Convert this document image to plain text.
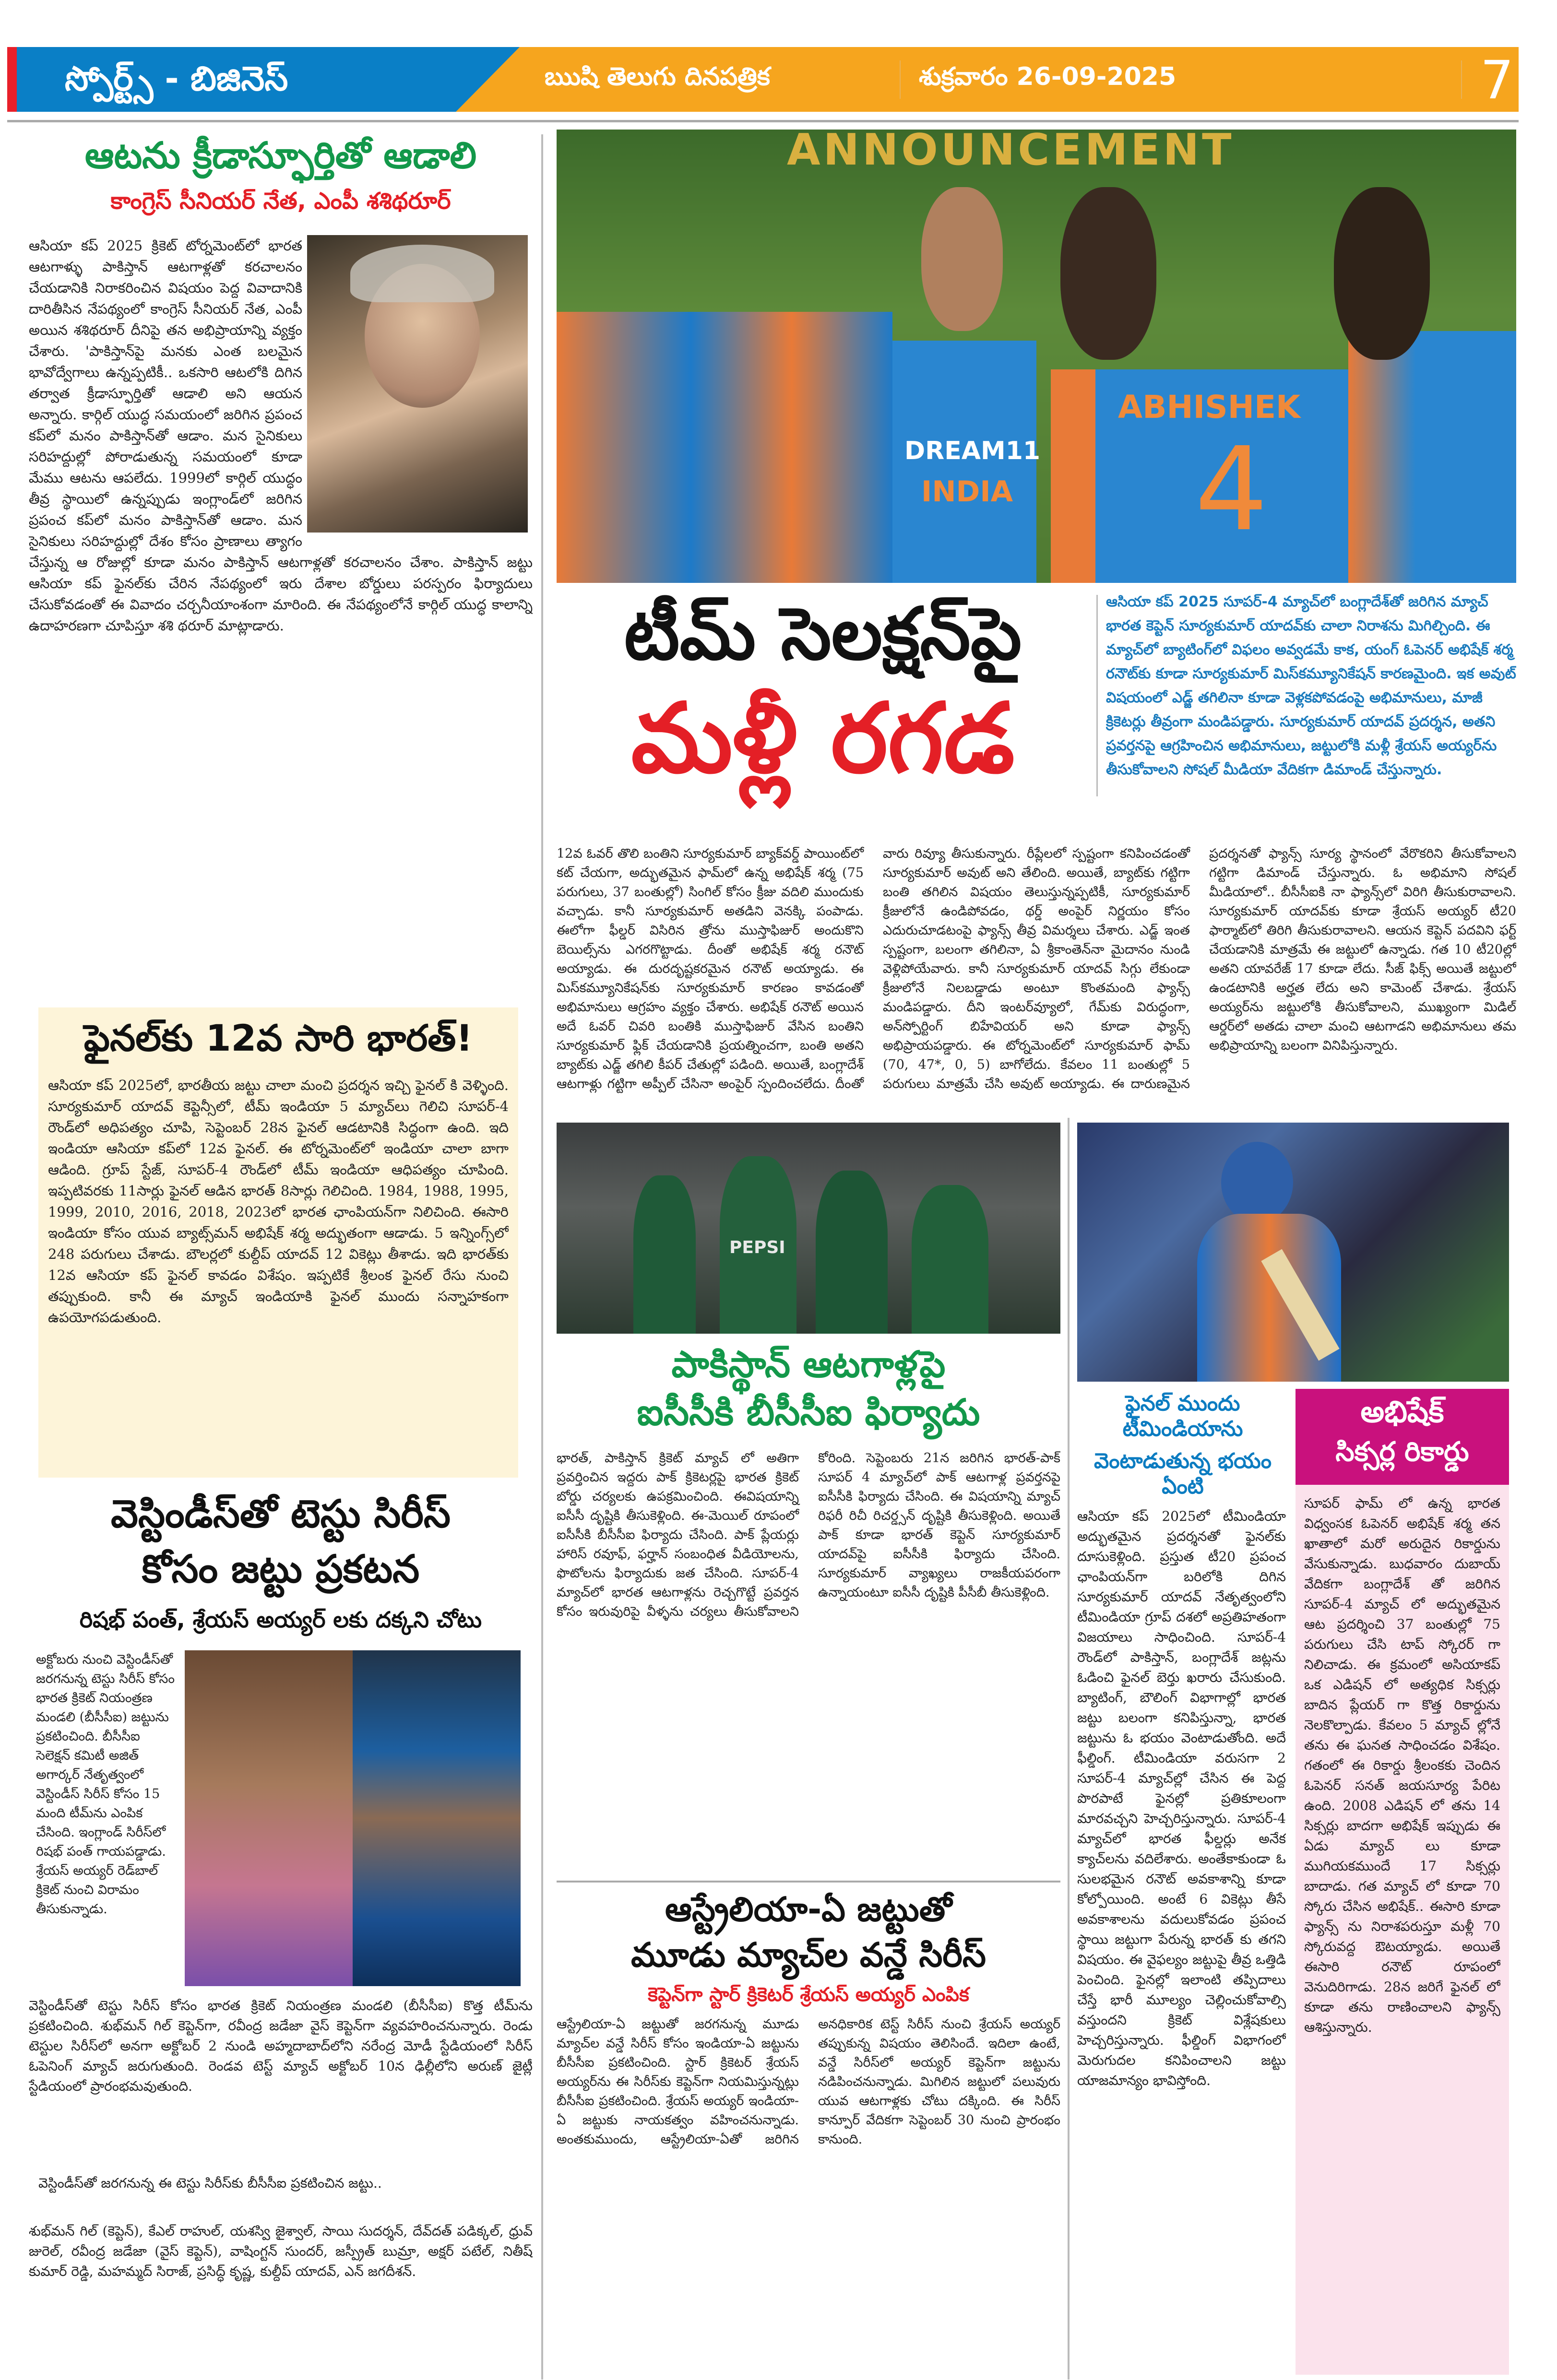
స్పోర్ట్స్ - బిజినెస్	ఋషి తెలుగు దినపత్రిక	శుక్రవారం 26-09-2025	7
ఆటను క్రీడాస్ఫూర్తితో ఆడాలి
కాంగ్రెస్ సీనియర్ నేత, ఎంపీ శశిథరూర్
ఆసియా కప్ 2025 క్రికెట్ టోర్నమెంట్‌లో భారత ఆటగాళ్ళు పాకిస్తాన్ ఆటగాళ్లతో కరచాలనం చేయడానికి నిరాకరించిన విషయం పెద్ద వివాదానికి దారితీసిన నేపథ్యంలో కాంగ్రెస్ సీనియర్ నేత, ఎంపీ అయిన శశిథరూర్ దీనిపై తన అభిప్రాయాన్ని వ్యక్తం చేశారు. 'పాకిస్తాన్‌పై మనకు ఎంత బలమైన భావోద్వేగాలు ఉన్నప్పటికీ.. ఒకసారి ఆటలోకి దిగిన తర్వాత క్రీడాస్ఫూర్తితో ఆడాలి అని ఆయన అన్నారు. కార్గిల్ యుద్ధ సమయంలో జరిగిన ప్రపంచ కప్‌లో మనం పాకిస్తాన్‌తో ఆడాం. మన సైనికులు సరిహద్దుల్లో పోరాడుతున్న సమయంలో కూడా మేము ఆటను ఆపలేదు. 1999లో కార్గిల్ యుద్ధం తీవ్ర స్థాయిలో ఉన్నప్పుడు ఇంగ్లాండ్‌లో జరిగిన ప్రపంచ కప్‌లో మనం పాకిస్తాన్‌తో ఆడాం. మన సైనికులు సరిహద్దుల్లో దేశం కోసం ప్రాణాలు త్యాగం చేస్తున్న ఆ రోజుల్లో కూడా మనం పాకిస్తాన్ ఆటగాళ్లతో కరచాలనం చేశాం. పాకిస్తాన్ జట్టు ఆసియా కప్ ఫైనల్‌కు చేరిన నేపథ్యంలో ఇరు దేశాల బోర్డులు పరస్పరం ఫిర్యాదులు చేసుకోవడంతో ఈ వివాదం చర్చనీయాంశంగా మారింది. ఈ నేపథ్యంలోనే కార్గిల్ యుద్ధ కాలాన్ని ఉదాహరణగా చూపిస్తూ శశి థరూర్ మాట్లాడారు.
ఫైనల్‌కు 12వ సారి భారత్!
ఆసియా కప్ 2025లో, భారతీయ జట్టు చాలా మంచి ప్రదర్శన ఇచ్చి ఫైనల్ కి వెళ్ళింది. సూర్యకుమార్ యాదవ్ కెప్టెన్సీలో, టీమ్ ఇండియా 5 మ్యాచ్‌లు గెలిచి సూపర్-4 రౌండ్‌లో అధిపత్యం చూపి, సెప్టెంబర్ 28న ఫైనల్ ఆడటానికి సిద్ధంగా ఉంది. ఇది ఇండియా ఆసియా కప్‌లో 12వ ఫైనల్. ఈ టోర్నమెంట్‌లో ఇండియా చాలా బాగా ఆడింది. గ్రూప్ స్టేజ్, సూపర్-4 రౌండ్‌లో టీమ్ ఇండియా ఆధిపత్యం చూపింది. ఇప్పటివరకు 11సార్లు ఫైనల్ ఆడిన భారత్ 8సార్లు గెలిచింది. 1984, 1988, 1995, 1999, 2010, 2016, 2018, 2023లో భారత ఛాంపియన్‌గా నిలిచింది. ఈసారి ఇండియా కోసం యువ బ్యాట్స్‌మన్ అభిషేక్ శర్మ అద్భుతంగా ఆడాడు. 5 ఇన్నింగ్స్‌లో 248 పరుగులు చేశాడు. బౌలర్లలో కుల్దీప్ యాదవ్ 12 వికెట్లు తీశాడు. ఇది భారత్‌కు 12వ ఆసియా కప్ ఫైనల్ కావడం విశేషం. ఇప్పటికే శ్రీలంక ఫైనల్ రేసు నుంచి తప్పుకుంది. కానీ ఈ మ్యాచ్ ఇండియాకి ఫైనల్ ముందు సన్నాహకంగా ఉపయోగపడుతుంది.
వెస్టిండీస్‌తో టెస్టు సిరీస్
కోసం జట్టు ప్రకటన
రిషభ్ పంత్, శ్రేయస్ అయ్యర్ లకు దక్కని చోటు
అక్టోబరు నుంచి వెస్టిండీస్‌తో జరగనున్న టెస్టు సిరీస్ కోసం భారత క్రికెట్ నియంత్రణ మండలి (బీసీసీఐ) జట్టును ప్రకటించింది. బీసీసీఐ సెలెక్షన్ కమిటీ అజిత్ అగార్కర్ నేతృత్వంలో వెస్టిండీస్ సిరీస్ కోసం 15 మంది టీమ్‌ను ఎంపిక చేసింది. ఇంగ్లాండ్ సిరీస్‌లో రిషభ్ పంత్ గాయపడ్డాడు. శ్రేయస్ అయ్యర్ రెడ్‌బాల్ క్రికెట్ నుంచి విరామం తీసుకున్నాడు.
వెస్టిండీస్‌తో టెస్టు సిరీస్ కోసం భారత క్రికెట్ నియంత్రణ మండలి (బీసీసీఐ) కొత్త టీమ్‌ను ప్రకటించింది. శుభ్‌మన్ గిల్ కెప్టెన్‌గా, రవీంద్ర జడేజా వైస్ కెప్టెన్‌గా వ్యవహరించనున్నారు. రెండు టెస్టుల సిరీస్‌లో అనగా అక్టోబర్ 2 నుండి అహ్మదాబాద్‌లోని నరేంద్ర మోడీ స్టేడియంలో సిరీస్ ఓపెనింగ్ మ్యాచ్ జరుగుతుంది. రెండవ టెస్ట్ మ్యాచ్ అక్టోబర్ 10న ఢిల్లీలోని అరుణ్ జైట్లీ స్టేడియంలో ప్రారంభమవుతుంది.
వెస్టిండీస్‌తో జరగనున్న ఈ టెస్టు సిరీస్‌కు బీసీసీఐ ప్రకటించిన జట్టు..
శుభ్‌మన్ గిల్ (కెప్టెన్), కేఎల్ రాహుల్, యశస్వి జైశ్వాల్, సాయి సుదర్శన్, దేవ్‌దత్ పడిక్కల్, ధ్రువ్ జురెల్, రవీంద్ర జడేజా (వైస్ కెప్టెన్), వాషింగ్టన్ సుందర్, జస్ప్రీత్ బుమ్రా, అక్షర్ పటేల్, నితీష్ కుమార్ రెడ్డి, మహమ్మద్ సిరాజ్, ప్రసిద్ధ్ కృష్ణ, కుల్దీప్ యాదవ్, ఎన్ జగదీశన్.
ANNOUNCEMENT
DREAM11
INDIA
ABHISHEK
4
టీమ్ సెలక్షన్‌పై
మళ్లీ రగడ
ఆసియా కప్ 2025 సూపర్-4 మ్యాచ్‌లో బంగ్లాదేశ్‌తో జరిగిన మ్యాచ్ భారత కెప్టెన్ సూర్యకుమార్ యాదవ్‌కు చాలా నిరాశను మిగిల్చింది. ఈ మ్యాచ్‌లో బ్యాటింగ్‌లో విఫలం అవ్వడమే కాక, యంగ్ ఓపెనర్ అభిషేక్ శర్మ రనౌట్‌కు కూడా సూర్యకుమార్ మిస్‌కమ్యూనికేషన్ కారణమైంది. ఇక అవుట్ విషయంలో ఎడ్జ్ తగిలినా కూడా వెళ్లకపోవడంపై అభిమానులు, మాజీ క్రికెటర్లు తీవ్రంగా మండిపడ్డారు. సూర్యకుమార్ యాదవ్ ప్రదర్శన, అతని ప్రవర్తనపై ఆగ్రహించిన అభిమానులు, జట్టులోకి మళ్లీ శ్రేయస్ అయ్యర్‌ను తీసుకోవాలని సోషల్ మీడియా వేదికగా డిమాండ్ చేస్తున్నారు.
12వ ఓవర్ తొలి బంతిని సూర్యకుమార్ బ్యాక్‌వర్డ్ పాయింట్‌లో కట్ చేయగా, అద్భుతమైన ఫామ్‌లో ఉన్న అభిషేక్ శర్మ (75 పరుగులు, 37 బంతుల్లో) సింగిల్ కోసం క్రీజు వదిలి ముందుకు వచ్చాడు. కానీ సూర్యకుమార్ అతడిని వెనక్కి పంపాడు. ఈలోగా ఫీల్డర్ విసిరిన త్రోను ముస్తాఫిజుర్ అందుకొని బెయిల్స్‌ను ఎగరగొట్టాడు. దీంతో అభిషేక్ శర్మ రనౌట్ అయ్యాడు. ఈ దురదృష్టకరమైన రనౌట్ అయ్యాడు. ఈ మిస్‌కమ్యూనికేషన్‌కు సూర్యకుమార్ కారణం కావడంతో అభిమానులు ఆగ్రహం వ్యక్తం చేశారు. అభిషేక్ రనౌట్ అయిన అదే ఓవర్ చివరి బంతికి ముస్తాఫిజుర్ వేసిన బంతిని సూర్యకుమార్ ఫ్లిక్ చేయడానికి ప్రయత్నించగా, బంతి అతని బ్యాట్‌కు ఎడ్జ్ తగిలి కీపర్ చేతుల్లో పడింది. అయితే, బంగ్లాదేశ్ ఆటగాళ్లు గట్టిగా అప్పీల్ చేసినా అంపైర్ స్పందించలేదు. దీంతో వారు రివ్యూ తీసుకున్నారు. రీప్లేలలో స్పష్టంగా కనిపించడంతో సూర్యకుమార్ అవుట్ అని తేలింది. అయితే, బ్యాట్‌కు గట్టిగా బంతి తగిలిన విషయం తెలుస్తున్నప్పటికీ, సూర్యకుమార్ క్రీజులోనే ఉండిపోవడం, థర్డ్ అంపైర్ నిర్ణయం కోసం ఎదురుచూడటంపై ఫ్యాన్స్ తీవ్ర విమర్శలు చేశారు. ఎడ్జ్ ఇంత స్పష్టంగా, బలంగా తగిలినా, ఏ శ్రీకాంతెన్‌నా మైదానం నుండి వెళ్లిపోయేవారు. కానీ సూర్యకుమార్ యాదవ్ సిగ్గు లేకుండా క్రీజులోనే నిలబడ్డాడు అంటూ కొంతమంది ఫ్యాన్స్ మండిపడ్డారు. దీని ఇంటర్‌వ్యూలో, గేమ్‌కు విరుద్ధంగా, అన్‌స్పోర్టింగ్ బిహేవియర్ అని కూడా ఫ్యాన్స్ అభిప్రాయపడ్డారు. ఈ టోర్నమెంట్‌లో సూర్యకుమార్ ఫామ్ (70, 47*, 0, 5) బాగోలేదు. కేవలం 11 బంతుల్లో 5 పరుగులు మాత్రమే చేసి అవుట్ అయ్యాడు. ఈ దారుణమైన ప్రదర్శనతో ఫ్యాన్స్ సూర్య స్థానంలో వేరొకరిని తీసుకోవాలని గట్టిగా డిమాండ్ చేస్తున్నారు. ఓ అభిమాని సోషల్ మీడియాలో.. బీసీసీఐకి నా ఫ్యాన్స్‌లో విరిగి తీసుకురావాలని. సూర్యకుమార్ యాదవ్‌కు కూడా శ్రేయస్ అయ్యర్ టీ20 ఫార్మాట్‌లో తిరిగి తీసుకురావాలని. ఆయన కెప్టెన్ పదవిని ఫర్ట్ చేయడానికి మాత్రమే ఈ జట్టులో ఉన్నాడు. గత 10 టీ20ల్లో అతని యావరేజ్ 17 కూడా లేదు. సీజ్ ఫిక్స్ అయితే జట్టులో ఉండటానికి అర్హత లేదు అని కామెంట్ చేశాడు. శ్రేయస్ అయ్యర్‌ను జట్టులోకి తీసుకోవాలని, ముఖ్యంగా మిడిల్ ఆర్డర్‌లో అతడు చాలా మంచి ఆటగాడని అభిమానులు తమ అభిప్రాయాన్ని బలంగా వినిపిస్తున్నారు.
PEPSI
పాకిస్థాన్ ఆటగాళ్లపై
ఐసీసీకి బీసీసీఐ ఫిర్యాదు
భారత్, పాకిస్తాన్ క్రికెట్ మ్యాచ్ లో అతిగా ప్రవర్తించిన ఇద్దరు పాక్ క్రికెటర్లపై భారత క్రికెట్ బోర్డు చర్యలకు ఉపక్రమించింది. ఈవిషయాన్ని ఐసీసీ దృష్టికి తీసుకెళ్లింది. ఈ-మెయిల్ రూపంలో ఐసీసీకి బీసీసీఐ ఫిర్యాదు చేసింది. పాక్ ప్లేయర్లు హారిస్ రవూఫ్, ఫర్హాన్ సంబంధిత వీడియోలను, ఫొటోలను ఫిర్యాదుకు జత చేసింది. సూపర్-4 మ్యాచ్‌లో భారత ఆటగాళ్లను రెచ్చగొట్టే ప్రవర్తన కోసం ఇరువురిపై వీళ్ళను చర్యలు తీసుకోవాలని కోరింది. సెప్టెంబరు 21న జరిగిన భారత్-పాక్ సూపర్ 4 మ్యాచ్‌లో పాక్ ఆటగాళ్ల ప్రవర్తనపై ఐసీసీకి ఫిర్యాదు చేసింది. ఈ విషయాన్ని మ్యాచ్ రిఫరీ రిచీ రిచర్డ్సన్ దృష్టికి తీసుకెళ్లింది. అయితే పాక్ కూడా భారత్ కెప్టెన్ సూర్యకుమార్ యాదవ్‌పై ఐసీసీకి ఫిర్యాదు చేసింది. సూర్యకుమార్ వ్యాఖ్యలు రాజకీయపరంగా ఉన్నాయంటూ ఐసీసీ దృష్టికి పీసీబీ తీసుకెళ్లింది.
ఆస్ట్రేలియా-ఏ జట్టుతో
మూడు మ్యాచ్‌ల వన్డే సిరీస్
కెప్టెన్‌గా స్టార్ క్రికెటర్ శ్రేయస్ అయ్యర్ ఎంపిక
ఆస్ట్రేలియా-ఏ జట్టుతో జరగనున్న మూడు మ్యాచ్‌ల వన్డే సిరీస్ కోసం ఇండియా-ఏ జట్టును బీసీసీఐ ప్రకటించింది. స్టార్ క్రికెటర్ శ్రేయస్ అయ్యర్‌ను ఈ సిరీస్‌కు కెప్టెన్‌గా నియమిస్తున్నట్లు బీసీసీఐ ప్రకటించింది. శ్రేయస్ అయ్యర్ ఇండియా-ఏ జట్టుకు నాయకత్వం వహించనున్నాడు. అంతకుముందు, ఆస్ట్రేలియా-ఏతో జరిగిన అనధికారిక టెస్ట్ సిరీస్ నుంచి శ్రేయస్ అయ్యర్ తప్పుకున్న విషయం తెలిసిందే. ఇదిలా ఉంటే, వన్డే సిరీస్‌లో అయ్యర్ కెప్టెన్‌గా జట్టును నడిపించనున్నాడు. మిగిలిన జట్టులో పలువురు యువ ఆటగాళ్లకు చోటు దక్కింది. ఈ సిరీస్ కాన్పూర్ వేదికగా సెప్టెంబర్ 30 నుంచి ప్రారంభం కానుంది.
అభిషేక్
సిక్సర్ల రికార్డు
సూపర్ ఫామ్ లో ఉన్న భారత విధ్వంసక ఓపెనర్ అభిషేక్ శర్మ తన ఖాతాలో మరో అరుదైన రికార్డును వేసుకున్నాడు. బుధవారం దుబాయ్ వేదికగా బంగ్లాదేశ్ తో జరిగిన సూపర్-4 మ్యాచ్ లో అద్భుతమైన ఆట ప్రదర్శించి 37 బంతుల్లో 75 పరుగులు చేసి టాప్ స్కోరర్ గా నిలిచాడు. ఈ క్రమంలో అసియాకప్ ఒక ఎడిషన్ లో అత్యధిక సిక్సర్లు బాదిన ప్లేయర్ గా కొత్త రికార్డును నెలకొల్పాడు. కేవలం 5 మ్యాచ్ ల్లోనే తను ఈ ఘనత సాధించడం విశేషం. గతంలో ఈ రికార్డు శ్రీలంకకు చెందిన ఓపెనర్ సనత్ జయసూర్య పేరిట ఉంది. 2008 ఎడిషన్ లో తను 14 సిక్సర్లు బాదగా అభిషేక్ ఇప్పుడు ఈ ఏడు మ్యాచ్ లు కూడా ముగియకముందే 17 సిక్సర్లు బాదాడు. గత మ్యాచ్ లో కూడా 70 స్కోరు చేసిన అభిషేక్.. ఈసారి కూడా ఫ్యాన్స్ ను నిరాశపరుస్తూ మళ్లీ 70 స్కోరువద్ద ఔటయ్యాడు. అయితే ఈసారి రనౌట్ రూపంలో వెనుదిరిగాడు. 28న జరిగే ఫైనల్ లో కూడా తను రాణించాలని ఫ్యాన్స్ ఆశిస్తున్నారు.
ఫైనల్ ముందు టీమిండియాను
వెంటాడుతున్న భయం ఏంటి
ఆసియా కప్ 2025లో టీమిండియా అద్భుతమైన ప్రదర్శనతో ఫైనల్‌కు దూసుకెళ్లింది. ప్రస్తుత టీ20 ప్రపంచ ఛాంపియన్‌గా బరిలోకి దిగిన సూర్యకుమార్ యాదవ్ నేతృత్వంలోని టీమిండియా గ్రూప్ దశలో అప్రతిహతంగా విజయాలు సాధించింది. సూపర్-4 రౌండ్‌లో పాకిస్తాన్, బంగ్లాదేశ్ జట్లను ఓడించి ఫైనల్ బెర్తు ఖరారు చేసుకుంది. బ్యాటింగ్, బౌలింగ్ విభాగాల్లో భారత జట్టు బలంగా కనిపిస్తున్నా, భారత జట్టును ఓ భయం వెంటాడుతోంది. అదే ఫీల్డింగ్. టీమిండియా వరుసగా 2 సూపర్-4 మ్యాచ్‌ల్లో చేసిన ఈ పెద్ద పొరపాటే ఫైనల్లో ప్రతికూలంగా మారవచ్చని హెచ్చరిస్తున్నారు. సూపర్-4 మ్యాచ్‌లో భారత ఫీల్డర్లు అనేక క్యాచ్‌లను వదిలేశారు. అంతేకాకుండా ఓ సులభమైన రనౌట్ అవకాశాన్ని కూడా కోల్పోయింది. అంటే 6 వికెట్లు తీసే అవకాశాలను వదులుకోవడం ప్రపంచ స్థాయి జట్టుగా పేరున్న భారత్ కు తగని విషయం. ఈ వైఫల్యం జట్టుపై తీవ్ర ఒత్తిడి పెంచింది. ఫైనల్లో ఇలాంటి తప్పిదాలు చేస్తే భారీ మూల్యం చెల్లించుకోవాల్సి వస్తుందని క్రికెట్ విశ్లేషకులు హెచ్చరిస్తున్నారు. ఫీల్డింగ్ విభాగంలో మెరుగుదల కనిపించాలని జట్టు యాజమాన్యం భావిస్తోంది.
